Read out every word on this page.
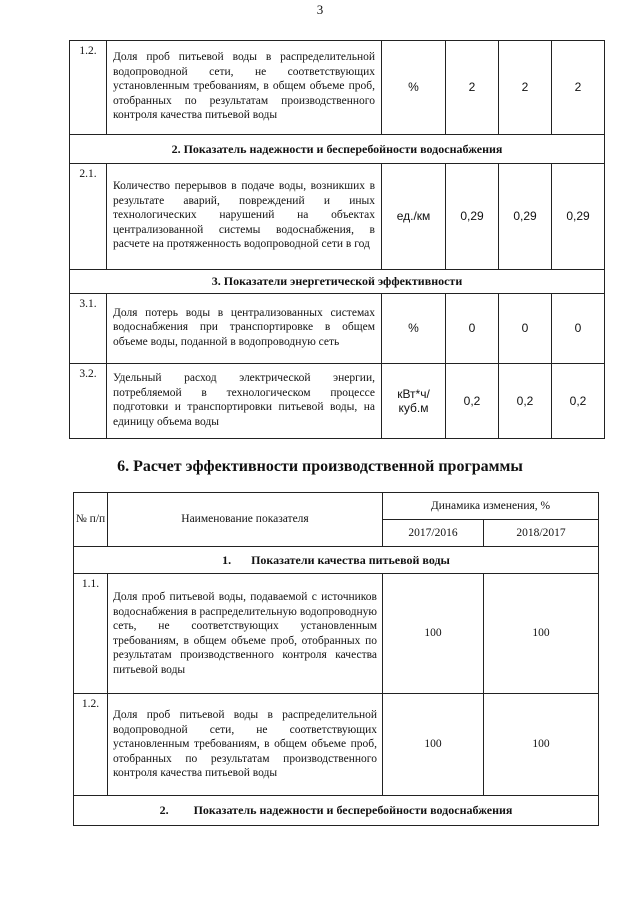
3
1.2.	Доля проб питьевой воды в распределительной водопроводной сети, не соответствующих установленным требованиям, в общем объеме проб, отобранных по результатам производственного контроля качества питьевой воды	%	2	2	2
2. Показатель надежности и бесперебойности водоснабжения					
2.1.	Количество перерывов в подаче воды, возникших в результате аварий, повреждений и иных технологических нарушений на объектах централизованной системы водоснабжения, в расчете на протяженность водопроводной сети в год	ед./км	0,29	0,29	0,29
3. Показатели энергетической эффективности					
3.1.	Доля потерь воды в централизованных системах водоснабжения при транспортировке в общем объеме воды, поданной в водопроводную сеть	%	0	0	0
3.2.	Удельный расход электрической энергии, потребляемой в технологическом процессе подготовки и транспортировки питьевой воды, на единицу объема воды	кВт*ч/ куб.м	0,2	0,2	0,2
6. Расчет эффективности производственной программы
№ п/п	Наименование показателя	Динамика изменения, %	
		2017/2016	2018/2017

1. Показатели качества питьевой воды			

1.1.	Доля проб питьевой воды, подаваемой с источников водоснабжения в распределительную водопроводную сеть, не соответствующих установленным требованиям, в общем объеме проб, отобранных по результатам производственного контроля качества питьевой воды	100	100
1.2.	Доля проб питьевой воды в распределительной водопроводной сети, не соответствующих установленным требованиям, в общем объеме проб, отобранных по результатам производственного контроля качества питьевой воды	100	100

2. Показатель надежности и бесперебойности водоснабжения			
